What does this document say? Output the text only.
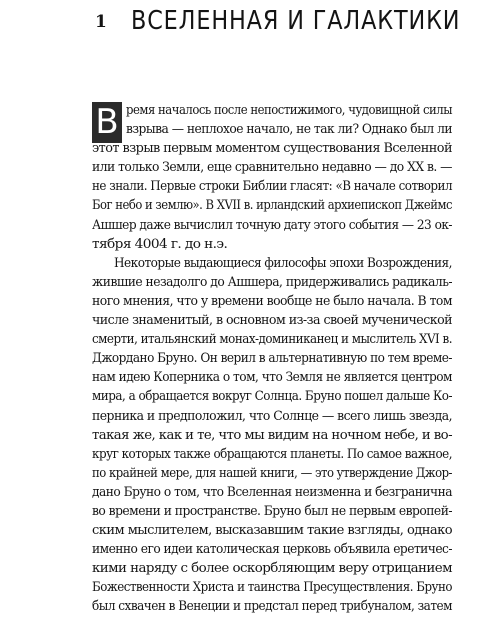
1 ВСЕЛЕННАЯ И ГАЛАКТИКИ
В ремя началось после непостижимого, чудовищной силы
взрыва — неплохое начало, не так ли? Однако был ли
этот взрыв первым моментом существования Вселенной
или только Земли, еще сравнительно недавно — до XX в. —
не знали. Первые строки Библии гласят: «В начале сотворил
Бог небо и землю». В XVII в. ирландский архиепископ Джеймс
Ашшер даже вычислил точную дату этого события — 23 ок-
тября 4004 г. до н.э.
Некоторые выдающиеся философы эпохи Возрождения,
жившие незадолго до Ашшера, придерживались радикаль-
ного мнения, что у времени вообще не было начала. В том
числе знаменитый, в основном из-за своей мученической
смерти, итальянский монах-доминиканец и мыслитель XVI в.
Джордано Бруно. Он верил в альтернативную по тем време-
нам идею Коперника о том, что Земля не является центром
мира, а обращается вокруг Солнца. Бруно пошел дальше Ко-
перника и предположил, что Солнце — всего лишь звезда,
такая же, как и те, что мы видим на ночном небе, и во-
круг которых также обращаются планеты. По самое важное,
по крайней мере, для нашей книги, — это утверждение Джор-
дано Бруно о том, что Вселенная неизменна и безгранична
во времени и пространстве. Бруно был не первым европей-
ским мыслителем, высказавшим такие взгляды, однако
именно его идеи католическая церковь объявила еретичес-
кими наряду с более оскорбляющим веру отрицанием
Божественности Христа и таинства Пресуществления. Бруно
был схвачен в Венеции и предстал перед трибуналом, затем
